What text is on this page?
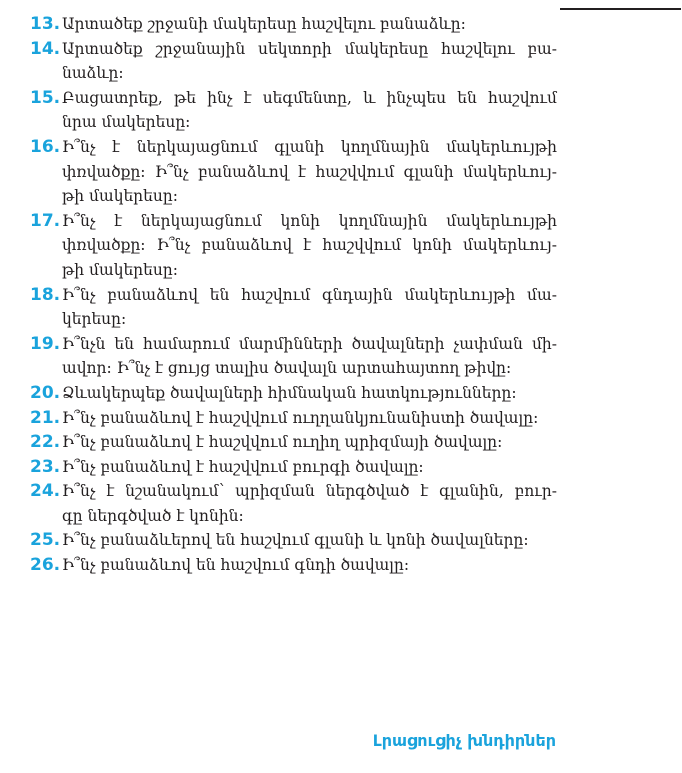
13. Արտածեք շրջանի մակերեսը հաշվելու բանաձևը։
14. Արտածեք շրջանային սեկտորի մակերեսը հաշվելու բա-
նաձևը։
15. Բացատրեք, թե ինչ է սեգմենտը, և ինչպես են հաշվում
նրա մակերեսը։
16. Ի՞նչ է ներկայացնում գլանի կողմնային մակերևույթի
փռվածքը։ Ի՞նչ բանաձևով է հաշվվում գլանի մակերևույ-
թի մակերեսը։
17. Ի՞նչ է ներկայացնում կոնի կողմնային մակերևույթի
փռվածքը։ Ի՞նչ բանաձևով է հաշվվում կոնի մակերևույ-
թի մակերեսը։
18. Ի՞նչ բանաձևով են հաշվում գնդային մակերևույթի մա-
կերեսը։
19. Ի՞նչն են համարում մարմինների ծավալների չափման մի-
ավոր։ Ի՞նչ է ցույց տալիս ծավալն արտահայտող թիվը։
20. Ձևակերպեք ծավալների հիմնական հատկությունները։
21. Ի՞նչ բանաձևով է հաշվվում ուղղանկյունանիստի ծավալը։
22. Ի՞նչ բանաձևով է հաշվվում ուղիղ պրիզմայի ծավալը։
23. Ի՞նչ բանաձևով է հաշվվում բուրգի ծավալը։
24. Ի՞նչ է նշանակում՝ պրիզման ներգծված է գլանին, բուր-
գը ներգծված է կոնին։
25. Ի՞նչ բանաձևերով են հաշվում գլանի և կոնի ծավալները։
26. Ի՞նչ բանաձևով են հաշվում գնդի ծավալը։
Լրացուցիչ խնդիրներ
